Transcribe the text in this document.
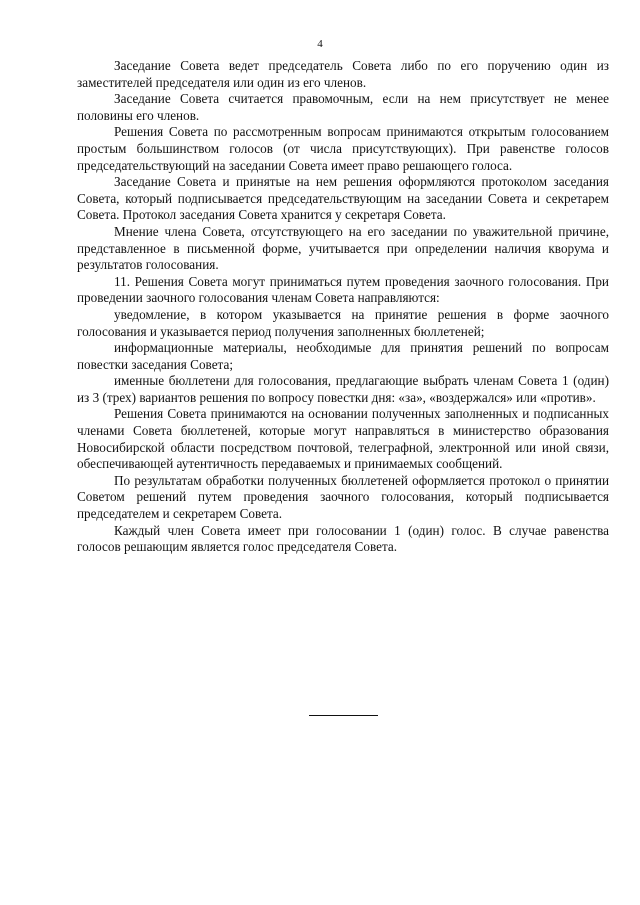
4

Заседание Совета ведет председатель Совета либо по его поручению один из заместителей председателя или один из его членов.

Заседание Совета считается правомочным, если на нем присутствует не менее половины его членов.

Решения Совета по рассмотренным вопросам принимаются открытым голосованием простым большинством голосов (от числа присутствующих). При равенстве голосов председательствующий на заседании Совета имеет право решающего голоса.

Заседание Совета и принятые на нем решения оформляются протоколом заседания Совета, который подписывается председательствующим на заседании Совета и секретарем Совета. Протокол заседания Совета хранится у секретаря Совета.

Мнение члена Совета, отсутствующего на его заседании по уважительной причине, представленное в письменной форме, учитывается при определении наличия кворума и результатов голосования.

11. Решения Совета могут приниматься путем проведения заочного голосования. При проведении заочного голосования членам Совета направляются:

уведомление, в котором указывается на принятие решения в форме заочного голосования и указывается период получения заполненных бюллетеней;

информационные материалы, необходимые для принятия решений по вопросам повестки заседания Совета;

именные бюллетени для голосования, предлагающие выбрать членам Совета 1 (один) из 3 (трех) вариантов решения по вопросу повестки дня: «за», «воздержался» или «против».

Решения Совета принимаются на основании полученных заполненных и подписанных членами Совета бюллетеней, которые могут направляться в министерство образования Новосибирской области посредством почтовой, телеграфной, электронной или иной связи, обеспечивающей аутентичность передаваемых и принимаемых сообщений.

По результатам обработки полученных бюллетеней оформляется протокол о принятии Советом решений путем проведения заочного голосования, который подписывается председателем и секретарем Совета.

Каждый член Совета имеет при голосовании 1 (один) голос. В случае равенства голосов решающим является голос председателя Совета.
